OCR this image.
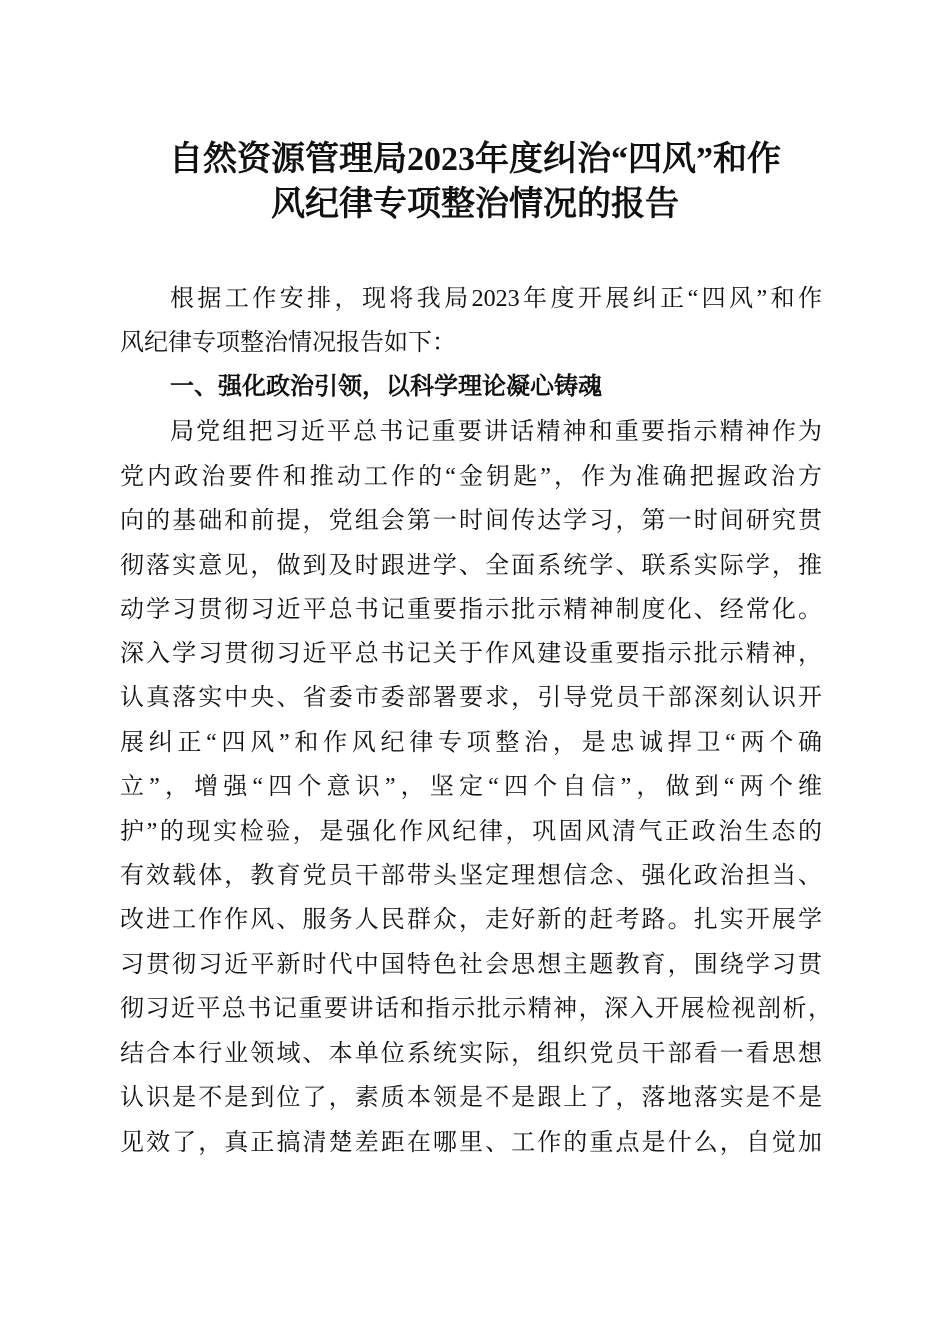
自然资源管理局2023年度纠治“四风”和作
风纪律专项整治情况的报告
根据工作安排，现将我局2023年度开展纠正“四风”和作
风纪律专项整治情况报告如下：
一、强化政治引领，以科学理论凝心铸魂
局党组把习近平总书记重要讲话精神和重要指示精神作为
党内政治要件和推动工作的“金钥匙”，作为准确把握政治方
向的基础和前提，党组会第一时间传达学习，第一时间研究贯
彻落实意见，做到及时跟进学、全面系统学、联系实际学，推
动学习贯彻习近平总书记重要指示批示精神制度化、经常化。
深入学习贯彻习近平总书记关于作风建设重要指示批示精神，
认真落实中央、省委市委部署要求，引导党员干部深刻认识开
展纠正“四风”和作风纪律专项整治，是忠诚捍卫“两个确
立”，增强“四个意识”，坚定“四个自信”，做到“两个维
护”的现实检验，是强化作风纪律，巩固风清气正政治生态的
有效载体，教育党员干部带头坚定理想信念、强化政治担当、
改进工作作风、服务人民群众，走好新的赶考路。扎实开展学
习贯彻习近平新时代中国特色社会思想主题教育，围绕学习贯
彻习近平总书记重要讲话和指示批示精神，深入开展检视剖析，
结合本行业领域、本单位系统实际，组织党员干部看一看思想
认识是不是到位了，素质本领是不是跟上了，落地落实是不是
见效了，真正搞清楚差距在哪里、工作的重点是什么，自觉加
